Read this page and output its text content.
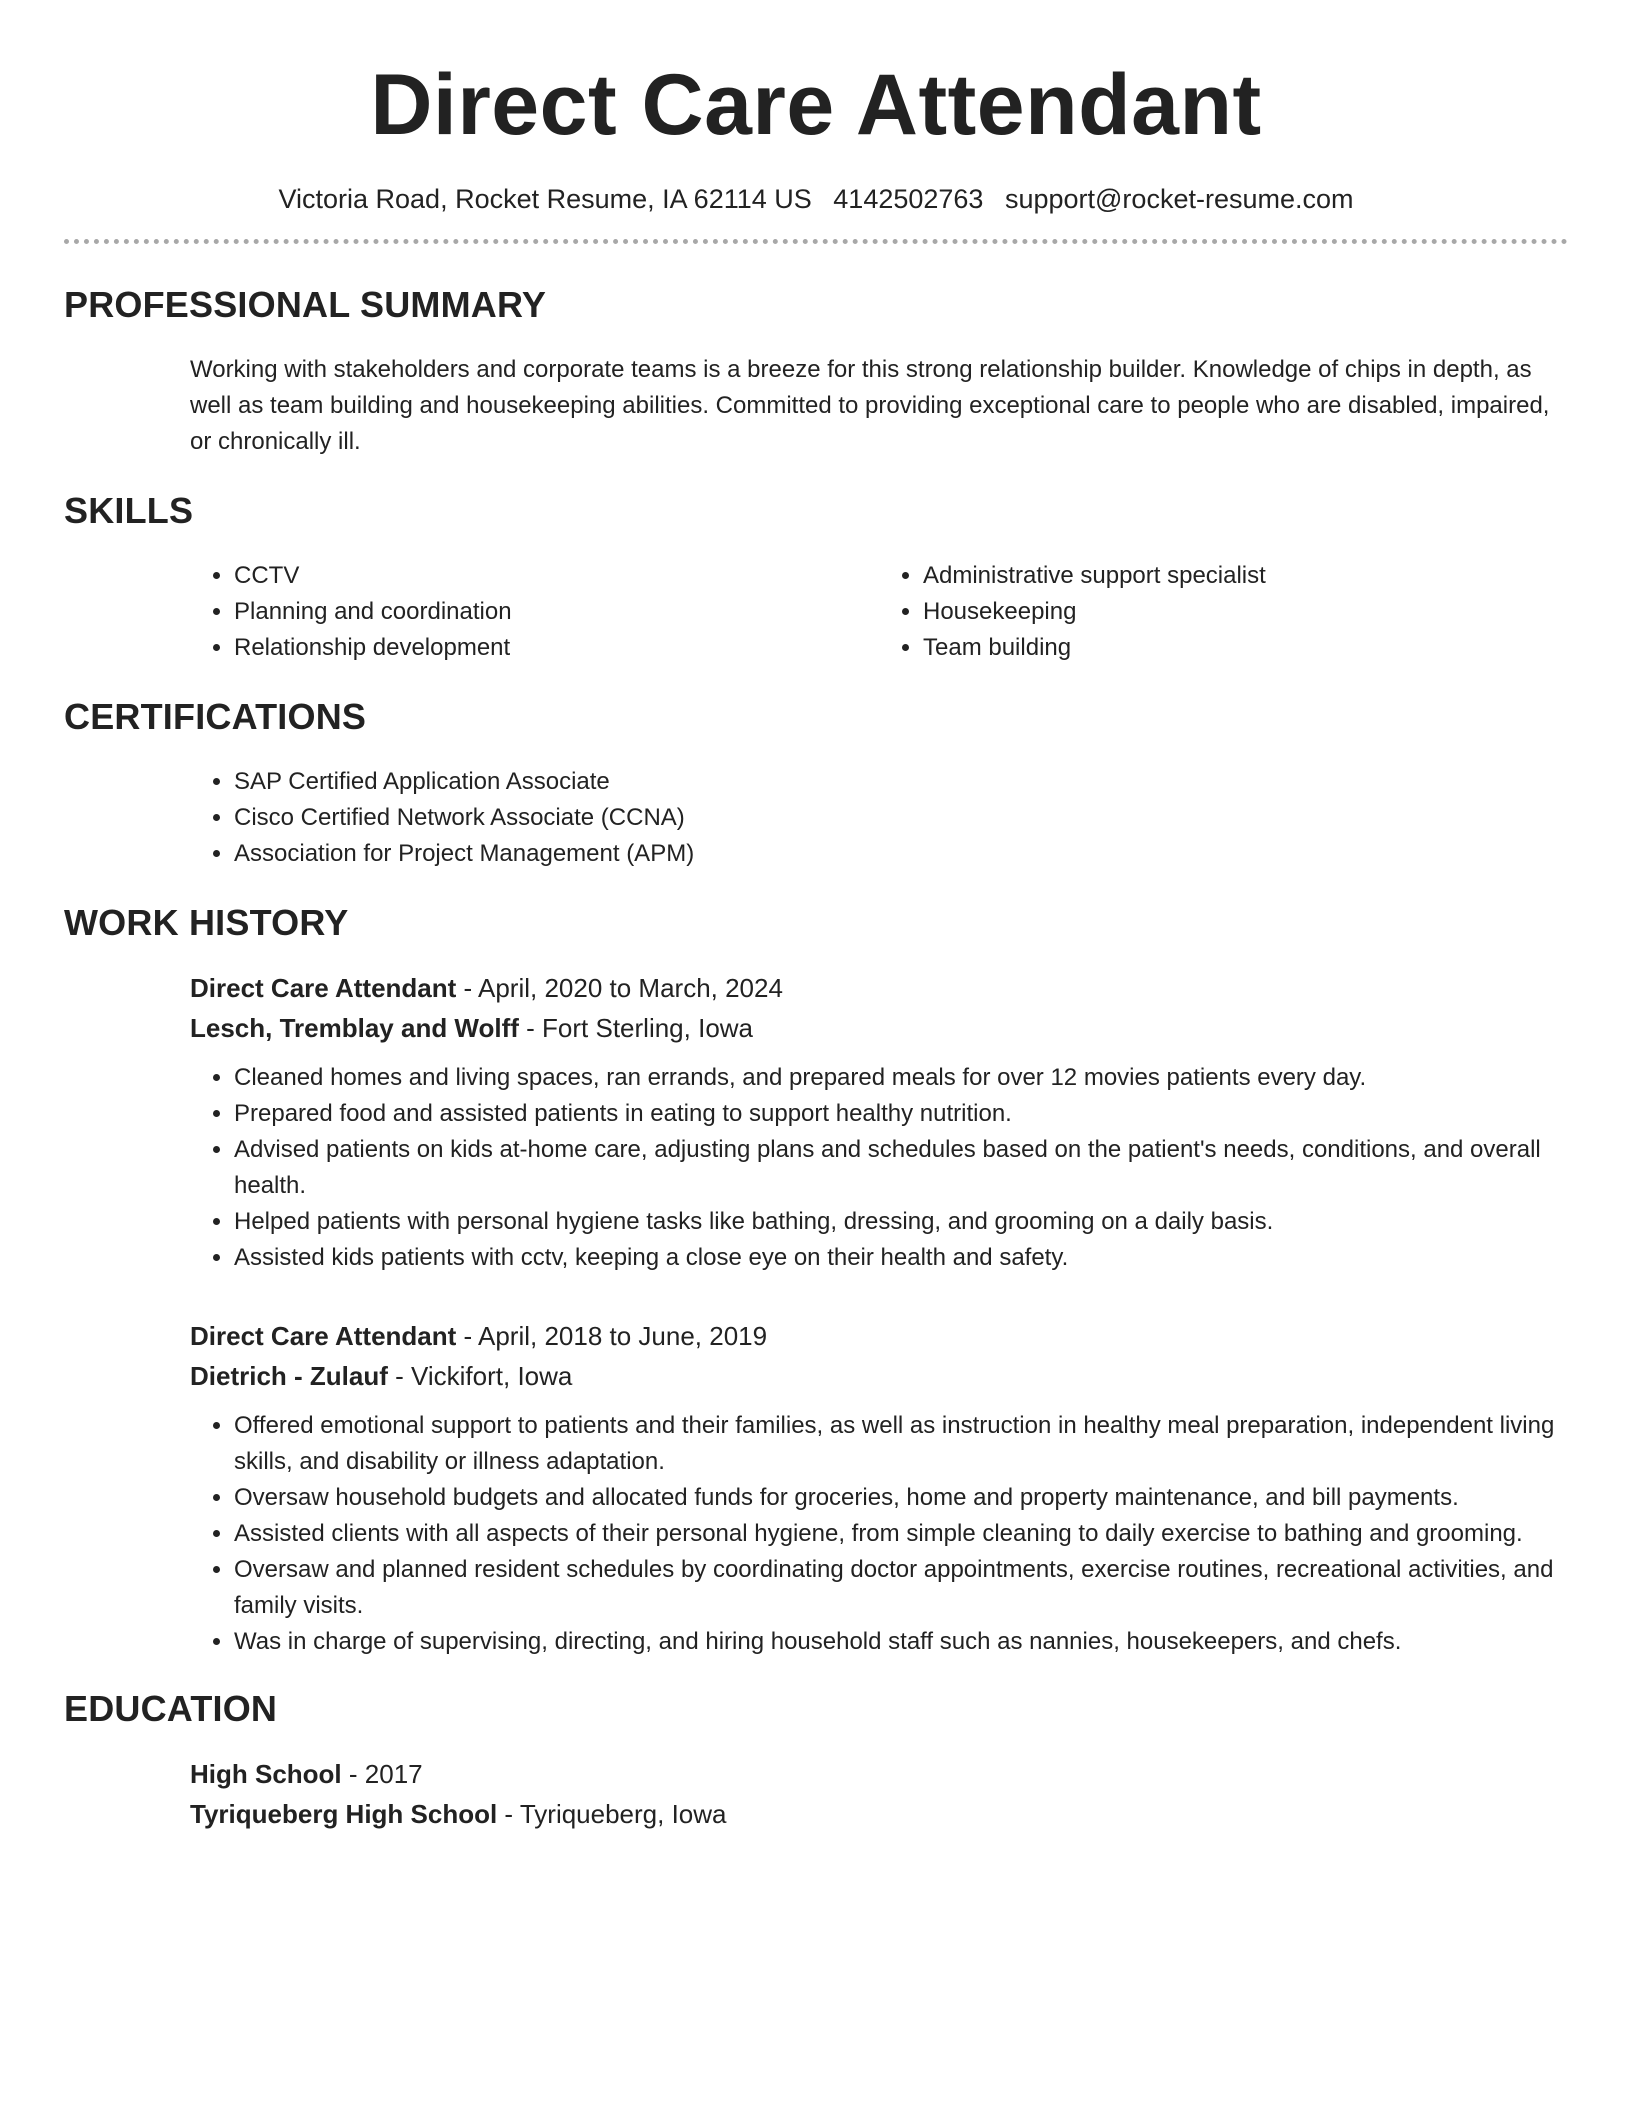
Direct Care Attendant
Victoria Road, Rocket Resume, IA 62114 US 4142502763 support@rocket-resume.com
PROFESSIONAL SUMMARY

Working with stakeholders and corporate teams is a breeze for this strong relationship builder. Knowledge of chips in depth, as well as team building and housekeeping abilities. Committed to providing exceptional care to people who are disabled, impaired, or chronically ill.

SKILLS
• CCTV
• Planning and coordination
• Relationship development
• Administrative support specialist
• Housekeeping
• Team building
CERTIFICATIONS
• SAP Certified Application Associate
• Cisco Certified Network Associate (CCNA)
• Association for Project Management (APM)
WORK HISTORY
Direct Care Attendant - April, 2020 to March, 2024
Lesch, Tremblay and Wolff - Fort Sterling, Iowa
• Cleaned homes and living spaces, ran errands, and prepared meals for over 12 movies patients every day.
• Prepared food and assisted patients in eating to support healthy nutrition.
• Advised patients on kids at-home care, adjusting plans and schedules based on the patient's needs, conditions, and overall health.
• Helped patients with personal hygiene tasks like bathing, dressing, and grooming on a daily basis.
• Assisted kids patients with cctv, keeping a close eye on their health and safety.
Direct Care Attendant - April, 2018 to June, 2019
Dietrich - Zulauf - Vickifort, Iowa
• Offered emotional support to patients and their families, as well as instruction in healthy meal preparation, independent living skills, and disability or illness adaptation.
• Oversaw household budgets and allocated funds for groceries, home and property maintenance, and bill payments.
• Assisted clients with all aspects of their personal hygiene, from simple cleaning to daily exercise to bathing and grooming.
• Oversaw and planned resident schedules by coordinating doctor appointments, exercise routines, recreational activities, and family visits.
• Was in charge of supervising, directing, and hiring household staff such as nannies, housekeepers, and chefs.
EDUCATION
High School - 2017
Tyriqueberg High School - Tyriqueberg, Iowa
